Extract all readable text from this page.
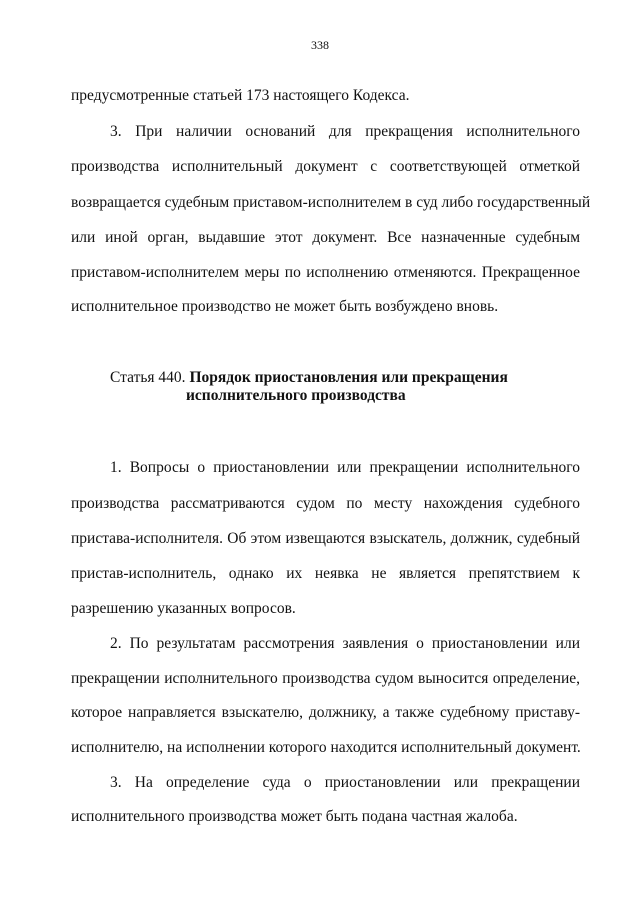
338
предусмотренные статьей 173 настоящего Кодекса.
3. При наличии оснований для прекращения исполнительного
производства исполнительный документ с соответствующей отметкой
возвращается судебным приставом-исполнителем в суд либо государственный
или иной орган, выдавшие этот документ. Все назначенные судебным
приставом-исполнителем меры по исполнению отменяются. Прекращенное
исполнительное производство не может быть возбуждено вновь.
Статья 440. Порядок приостановления или прекращения
исполнительного производства
1. Вопросы о приостановлении или прекращении исполнительного
производства рассматриваются судом по месту нахождения судебного
пристава-исполнителя. Об этом извещаются взыскатель, должник, судебный
пристав-исполнитель, однако их неявка не является препятствием к
разрешению указанных вопросов.
2. По результатам рассмотрения заявления о приостановлении или
прекращении исполнительного производства судом выносится определение,
которое направляется взыскателю, должнику, а также судебному приставу-
исполнителю, на исполнении которого находится исполнительный документ.
3. На определение суда о приостановлении или прекращении
исполнительного производства может быть подана частная жалоба.
